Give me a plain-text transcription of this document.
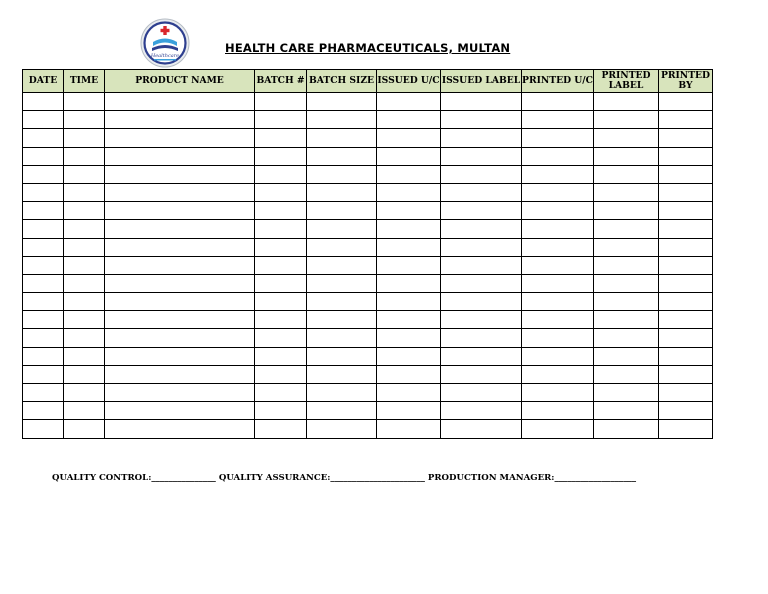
Healthcare
HEALTH CARE PHARMACEUTICALS, MULTAN
DATE	TIME	PRODUCT NAME	BATCH #	BATCH SIZE	ISSUED U/C	ISSUED LABEL	PRINTED U/C	PRINTED LABEL	PRINTED BY

QUALITY CONTROL:_______________ QUALITY ASSURANCE:______________________ PRODUCTION MANAGER:___________________
